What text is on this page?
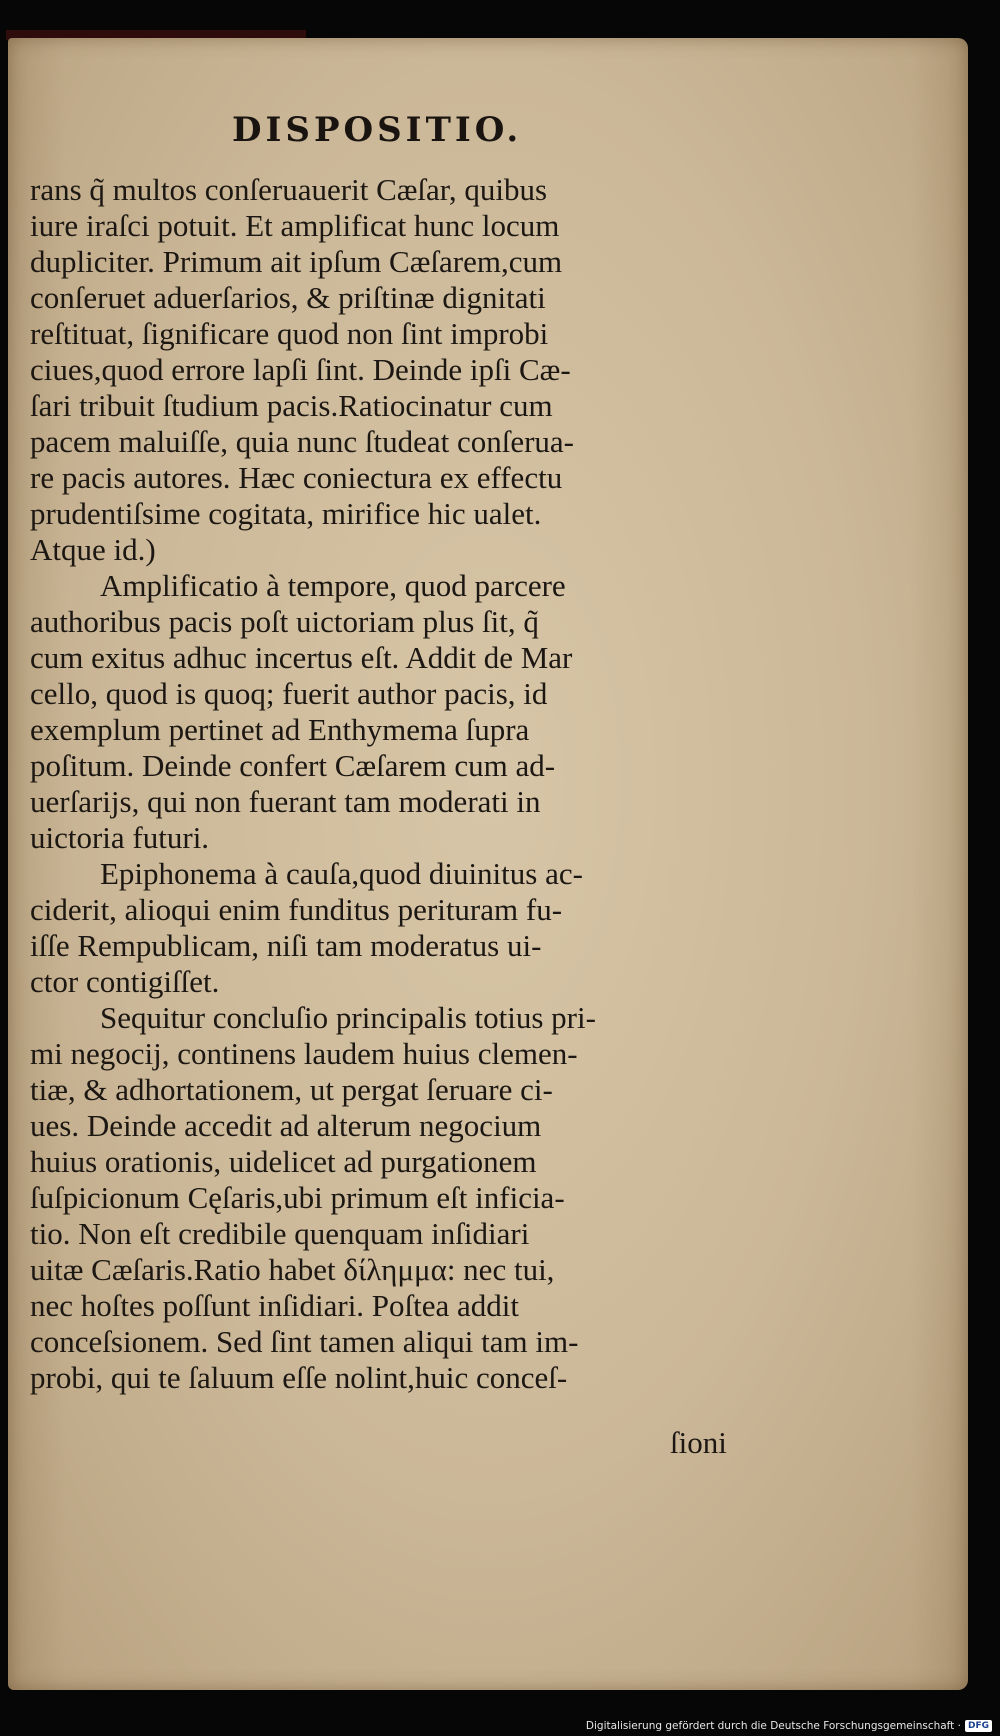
DISPOSITIO.
rans q̃ multos conſeruauerit Cæſar, quibus
iure iraſci potuit. Et amplificat hunc locum
dupliciter. Primum ait ipſum Cæſarem,cum
conſeruet aduerſarios, & priſtinæ dignitati
reſtituat, ſignificare quod non ſint improbi
ciues,quod errore lapſi ſint. Deinde ipſi Cæ-
ſari tribuit ſtudium pacis.Ratiocinatur cum
pacem maluiſſe, quia nunc ſtudeat conſerua-
re pacis autores. Hæc coniectura ex effectu
prudentiſsime cogitata, mirifice hic ualet.
Atque id.)
Amplificatio à tempore, quod parcere
authoribus pacis poſt uictoriam plus ſit, q̃
cum exitus adhuc incertus eſt. Addit de Mar
cello, quod is quoq; fuerit author pacis, id
exemplum pertinet ad Enthymema ſupra
poſitum. Deinde confert Cæſarem cum ad-
uerſarijs, qui non fuerant tam moderati in
uictoria futuri.
Epiphonema à cauſa,quod diuinitus ac-
ciderit, alioqui enim funditus perituram fu-
iſſe Rempublicam, niſi tam moderatus ui-
ctor contigiſſet.
Sequitur concluſio principalis totius pri-
mi negocij, continens laudem huius clemen-
tiæ, & adhortationem, ut pergat ſeruare ci-
ues. Deinde accedit ad alterum negocium
huius orationis, uidelicet ad purgationem
ſuſpicionum Cęſaris,ubi primum eſt inficia-
tio. Non eſt credibile quenquam inſidiari
uitæ Cæſaris.Ratio habet δίλημμα: nec tui,
nec hoſtes poſſunt inſidiari. Poſtea addit
conceſsionem. Sed ſint tamen aliqui tam im-
probi, qui te ſaluum eſſe nolint,huic conceſ-
ſioni
Digitalisierung gefördert durch die Deutsche Forschungsgemeinschaft · DFG
